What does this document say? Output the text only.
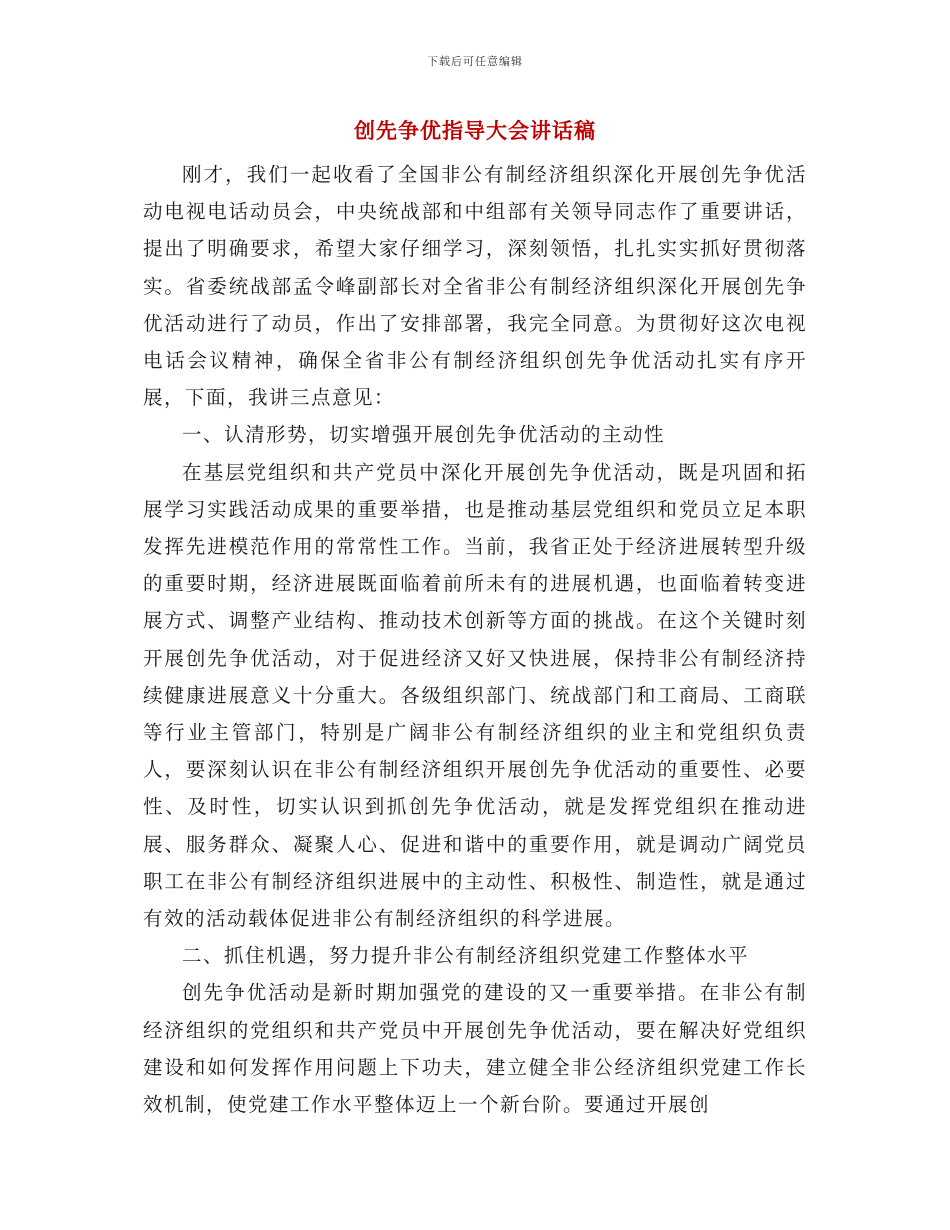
下载后可任意编辑
创先争优指导大会讲话稿

刚才，我们一起收看了全国非公有制经济组织深化开展创先争优活动电视电话动员会，中央统战部和中组部有关领导同志作了重要讲话，提出了明确要求，希望大家仔细学习，深刻领悟，扎扎实实抓好贯彻落实。省委统战部孟令峰副部长对全省非公有制经济组织深化开展创先争优活动进行了动员，作出了安排部署，我完全同意。为贯彻好这次电视电话会议精神，确保全省非公有制经济组织创先争优活动扎实有序开展，下面，我讲三点意见：

一、认清形势，切实增强开展创先争优活动的主动性

在基层党组织和共产党员中深化开展创先争优活动，既是巩固和拓展学习实践活动成果的重要举措，也是推动基层党组织和党员立足本职发挥先进模范作用的常常性工作。当前，我省正处于经济进展转型升级的重要时期，经济进展既面临着前所未有的进展机遇，也面临着转变进展方式、调整产业结构、推动技术创新等方面的挑战。在这个关键时刻开展创先争优活动，对于促进经济又好又快进展，保持非公有制经济持续健康进展意义十分重大。各级组织部门、统战部门和工商局、工商联等行业主管部门，特别是广阔非公有制经济组织的业主和党组织负责人，要深刻认识在非公有制经济组织开展创先争优活动的重要性、必要性、及时性，切实认识到抓创先争优活动，就是发挥党组织在推动进展、服务群众、凝聚人心、促进和谐中的重要作用，就是调动广阔党员职工在非公有制经济组织进展中的主动性、积极性、制造性，就是通过有效的活动载体促进非公有制经济组织的科学进展。

二、抓住机遇，努力提升非公有制经济组织党建工作整体水平

创先争优活动是新时期加强党的建设的又一重要举措。在非公有制经济组织的党组织和共产党员中开展创先争优活动，要在解决好党组织建设和如何发挥作用问题上下功夫，建立健全非公经济组织党建工作长效机制，使党建工作水平整体迈上一个新台阶。要通过开展创
